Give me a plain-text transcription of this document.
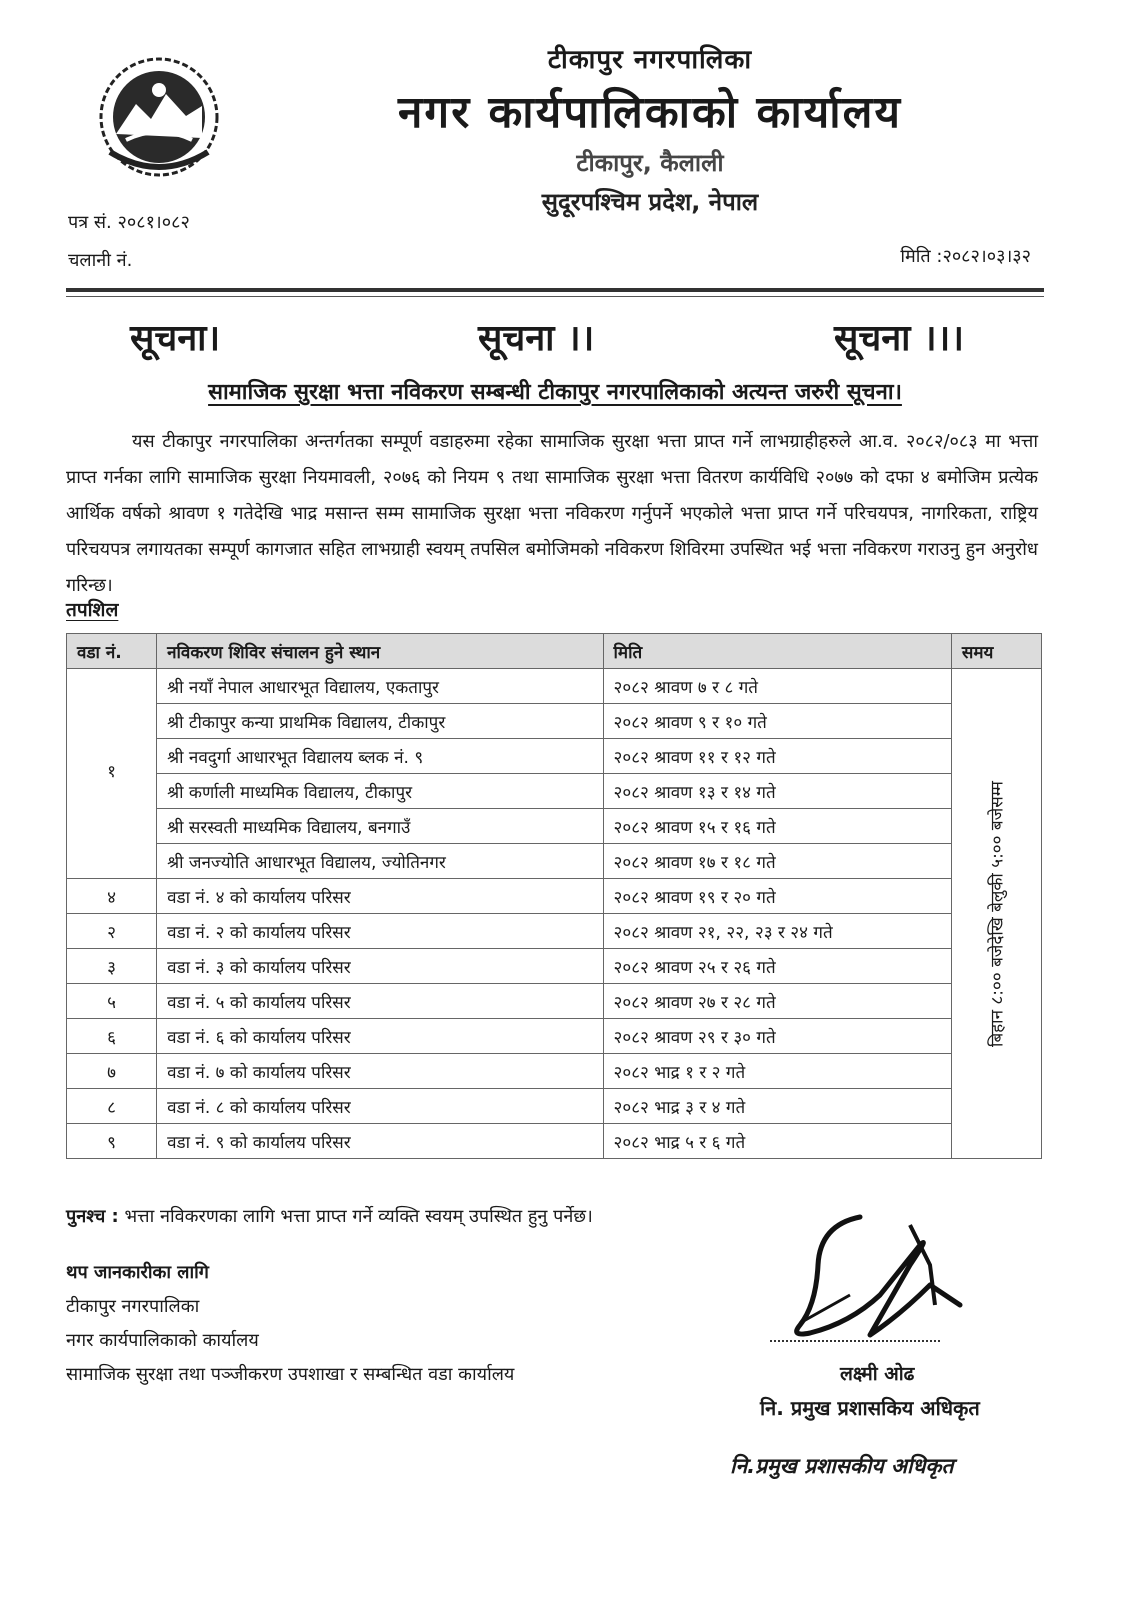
टीकापुर नगरपालिका
नगर कार्यपालिकाको कार्यालय
टीकापुर, कैलाली
सुदूरपश्चिम प्रदेश, नेपाल
पत्र सं. २०८१।०८२
चलानी नं.	मिति :२०८२।०३।३२
सूचना।	सूचना ।।	सूचना ।।।
सामाजिक सुरक्षा भत्ता नविकरण सम्बन्धी टीकापुर नगरपालिकाको अत्यन्त जरुरी सूचना।
यस टीकापुर नगरपालिका अन्तर्गतका सम्पूर्ण वडाहरुमा रहेका सामाजिक सुरक्षा भत्ता प्राप्त गर्ने लाभग्राहीहरुले आ.व. २०८२/०८३ मा भत्ता प्राप्त गर्नका लागि सामाजिक सुरक्षा नियमावली, २०७६ को नियम ९ तथा सामाजिक सुरक्षा भत्ता वितरण कार्यविधि २०७७ को दफा ४ बमोजिम प्रत्येक आर्थिक वर्षको श्रावण १ गतेदेखि भाद्र मसान्त सम्म सामाजिक सुरक्षा भत्ता नविकरण गर्नुपर्ने भएकोले भत्ता प्राप्त गर्ने परिचयपत्र, नागरिकता, राष्ट्रिय परिचयपत्र लगायतका सम्पूर्ण कागजात सहित लाभग्राही स्वयम् तपसिल बमोजिमको नविकरण शिविरमा उपस्थित भई भत्ता नविकरण गराउनु हुन अनुरोध गरिन्छ।
तपशिल
वडा नं.	नविकरण शिविर संचालन हुने स्थान	मिति	समय
१	श्री नयाँ नेपाल आधारभूत विद्यालय, एकतापुर	२०८२ श्रावण ७ र ८ गते	बिहान ८:०० बजेदेखि बेलुकी ५:०० बजेसम्म

	श्री टीकापुर कन्या प्राथमिक विद्यालय, टीकापुर	२०८२ श्रावण ९ र १० गते	
	श्री नवदुर्गा आधारभूत विद्यालय ब्लक नं. ९	२०८२ श्रावण ११ र १२ गते	
	श्री कर्णाली माध्यमिक विद्यालय, टीकापुर	२०८२ श्रावण १३ र १४ गते	
	श्री सरस्वती माध्यमिक विद्यालय, बनगाउँ	२०८२ श्रावण १५ र १६ गते	
	श्री जनज्योति आधारभूत विद्यालय, ज्योतिनगर	२०८२ श्रावण १७ र १८ गते	
४	वडा नं. ४ को कार्यालय परिसर	२०८२ श्रावण १९ र २० गते	
२	वडा नं. २ को कार्यालय परिसर	२०८२ श्रावण २१, २२, २३ र २४ गते	
३	वडा नं. ३ को कार्यालय परिसर	२०८२ श्रावण २५ र २६ गते	
५	वडा नं. ५ को कार्यालय परिसर	२०८२ श्रावण २७ र २८ गते	
६	वडा नं. ६ को कार्यालय परिसर	२०८२ श्रावण २९ र ३० गते	
७	वडा नं. ७ को कार्यालय परिसर	२०८२ भाद्र १ र २ गते	
८	वडा नं. ८ को कार्यालय परिसर	२०८२ भाद्र ३ र ४ गते	
९	वडा नं. ९ को कार्यालय परिसर	२०८२ भाद्र ५ र ६ गते	
पुनश्च : भत्ता नविकरणका लागि भत्ता प्राप्त गर्ने व्यक्ति स्वयम् उपस्थित हुनु पर्नेछ।
थप जानकारीका लागि
टीकापुर नगरपालिका
नगर कार्यपालिकाको कार्यालय
सामाजिक सुरक्षा तथा पञ्जीकरण उपशाखा र सम्बन्धित वडा कार्यालय	लक्ष्मी ओढ
नि. प्रमुख प्रशासकिय अधिकृत
नि.प्रमुख प्रशासकीय अधिकृत
